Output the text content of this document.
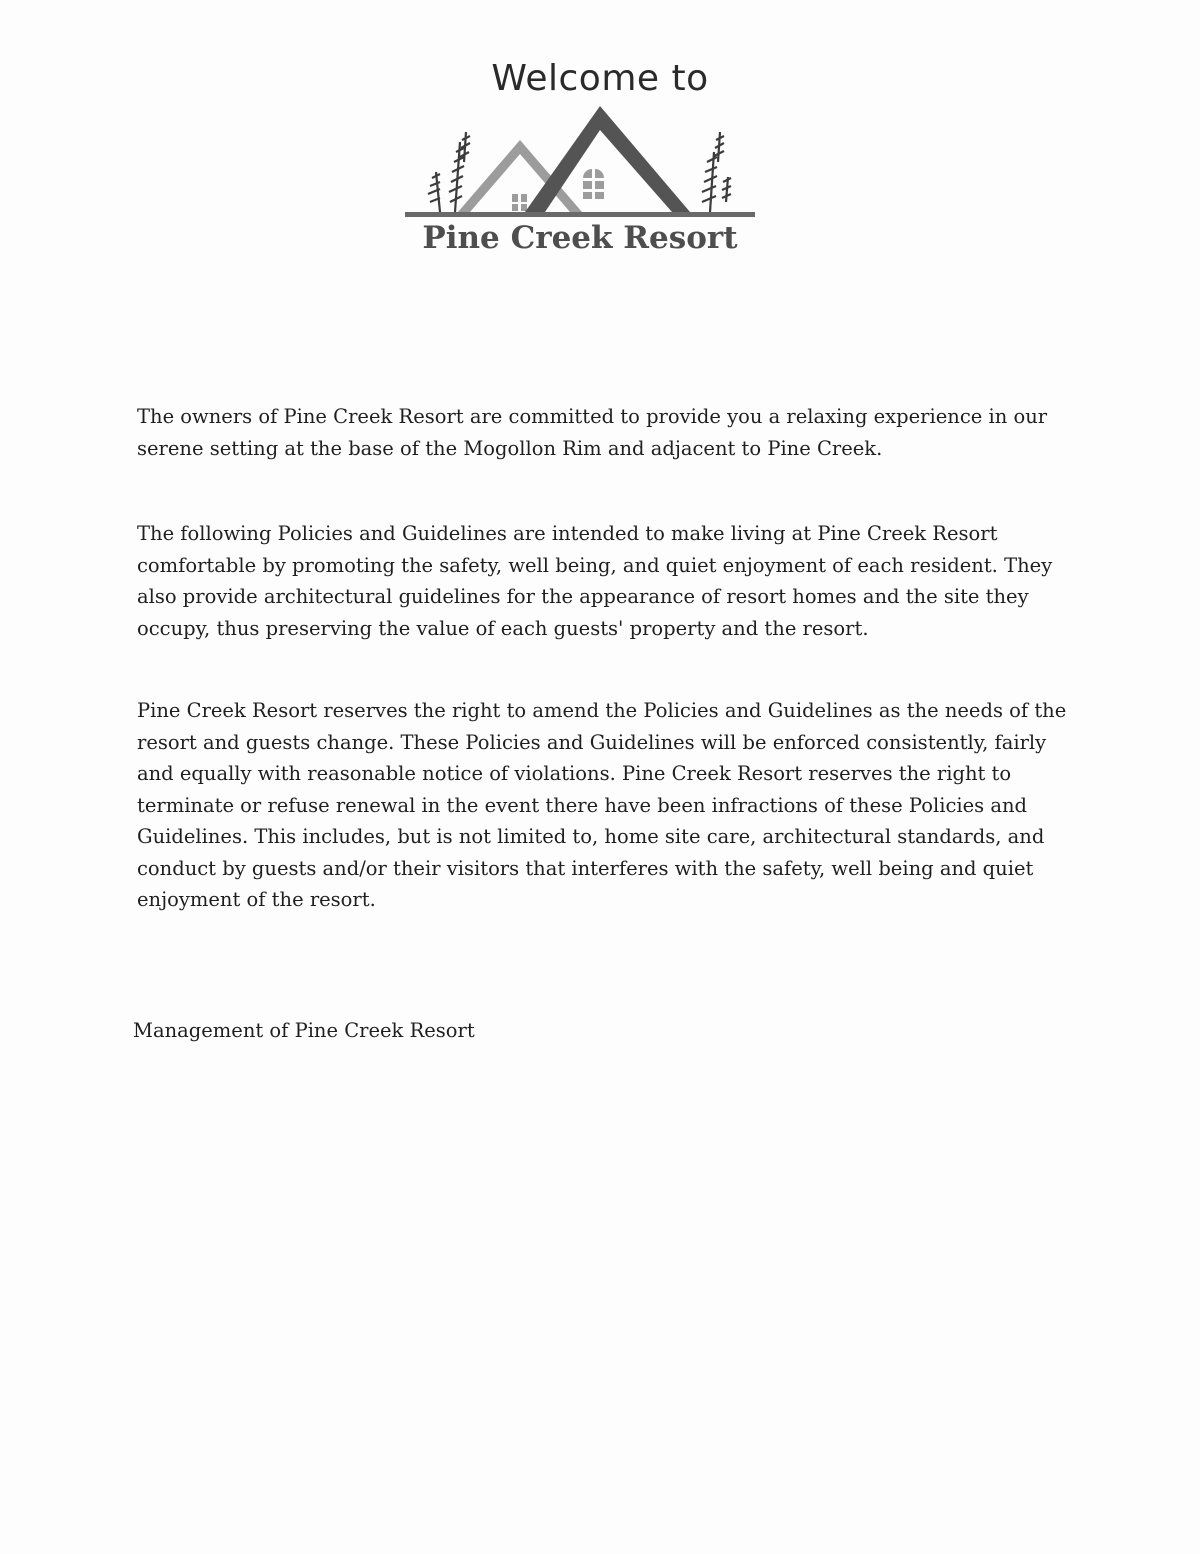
Welcome to
Pine Creek Resort
The owners of Pine Creek Resort are committed to provide you a relaxing experience in our serene setting at the base of the Mogollon Rim and adjacent to Pine Creek.
The following Policies and Guidelines are intended to make living at Pine Creek Resort comfortable by promoting the safety, well being, and quiet enjoyment of each resident. They also provide architectural guidelines for the appearance of resort homes and the site they occupy, thus preserving the value of each guests' property and the resort.
Pine Creek Resort reserves the right to amend the Policies and Guidelines as the needs of the resort and guests change. These Policies and Guidelines will be enforced consistently, fairly and equally with reasonable notice of violations. Pine Creek Resort reserves the right to terminate or refuse renewal in the event there have been infractions of these Policies and Guidelines. This includes, but is not limited to, home site care, architectural standards, and conduct by guests and/or their visitors that interferes with the safety, well being and quiet enjoyment of the resort.
Management of Pine Creek Resort
